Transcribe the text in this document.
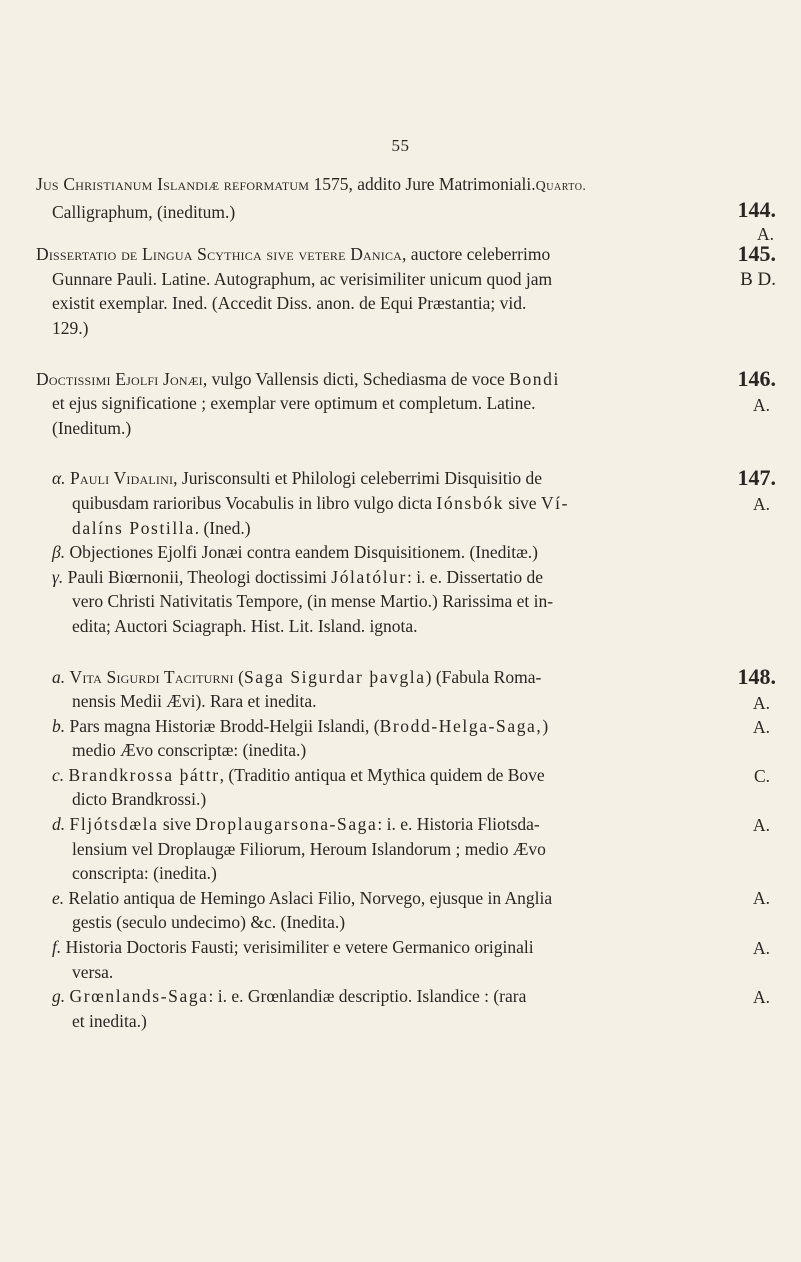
55
Jus Christianum Islandiæ reformatum 1575, addito Jure Matrimoniali.Quarto.
Calligraphum, (ineditum.)	144.
A.
Dissertatio de Lingua Scythica sive vetere Danica, auctore celeberrimo
Gunnare Pauli. Latine. Autographum, ac verisimiliter unicum quod jam
existit exemplar. Ined. (Accedit Diss. anon. de Equi Præstantia; vid.
129.)
145.
B D.
Doctissimi Ejolfi Jonæi, vulgo Vallensis dicti, Schediasma de voce Bondi
et ejus significatione ; exemplar vere optimum et completum. Latine.
(Ineditum.)
146.
A.
α. Pauli Vidalini, Jurisconsulti et Philologi celeberrimi Disquisitio de
quibusdam rarioribus Vocabulis in libro vulgo dicta Iónsbók sive Ví-
dalíns Postilla. (Ined.)
β. Objectiones Ejolfi Jonæi contra eandem Disquisitionem. (Ineditæ.)
γ. Pauli Biœrnonii, Theologi doctissimi Jólatólur: i. e. Dissertatio de
vero Christi Nativitatis Tempore, (in mense Martio.) Rarissima et in-
edita; Auctori Sciagraph. Hist. Lit. Island. ignota.
147.
A.
a. Vita Sigurdi Taciturni (Saga Sigurdar þavgla) (Fabula Roma-
nensis Medii Ævi). Rara et inedita.
b. Pars magna Historiæ Brodd-Helgii Islandi, (Brodd-Helga-Saga,)
medio Ævo conscriptæ: (inedita.)
c. Brandkrossa þáttr, (Traditio antiqua et Mythica quidem de Bove
dicto Brandkrossi.)
d. Fljótsdæla sive Droplaugarsona-Saga: i. e. Historia Fliotsda-
lensium vel Droplaugæ Filiorum, Heroum Islandorum ; medio Ævo
conscripta: (inedita.)
e. Relatio antiqua de Hemingo Aslaci Filio, Norvego, ejusque in Anglia
gestis (seculo undecimo) &c. (Inedita.)
f. Historia Doctoris Fausti; verisimiliter e vetere Germanico originali
versa.
g. Grœnlands-Saga: i. e. Grœnlandiæ descriptio. Islandice : (rara
et inedita.)
148.
A.
A.
C.
A.
A.
A.
A.
